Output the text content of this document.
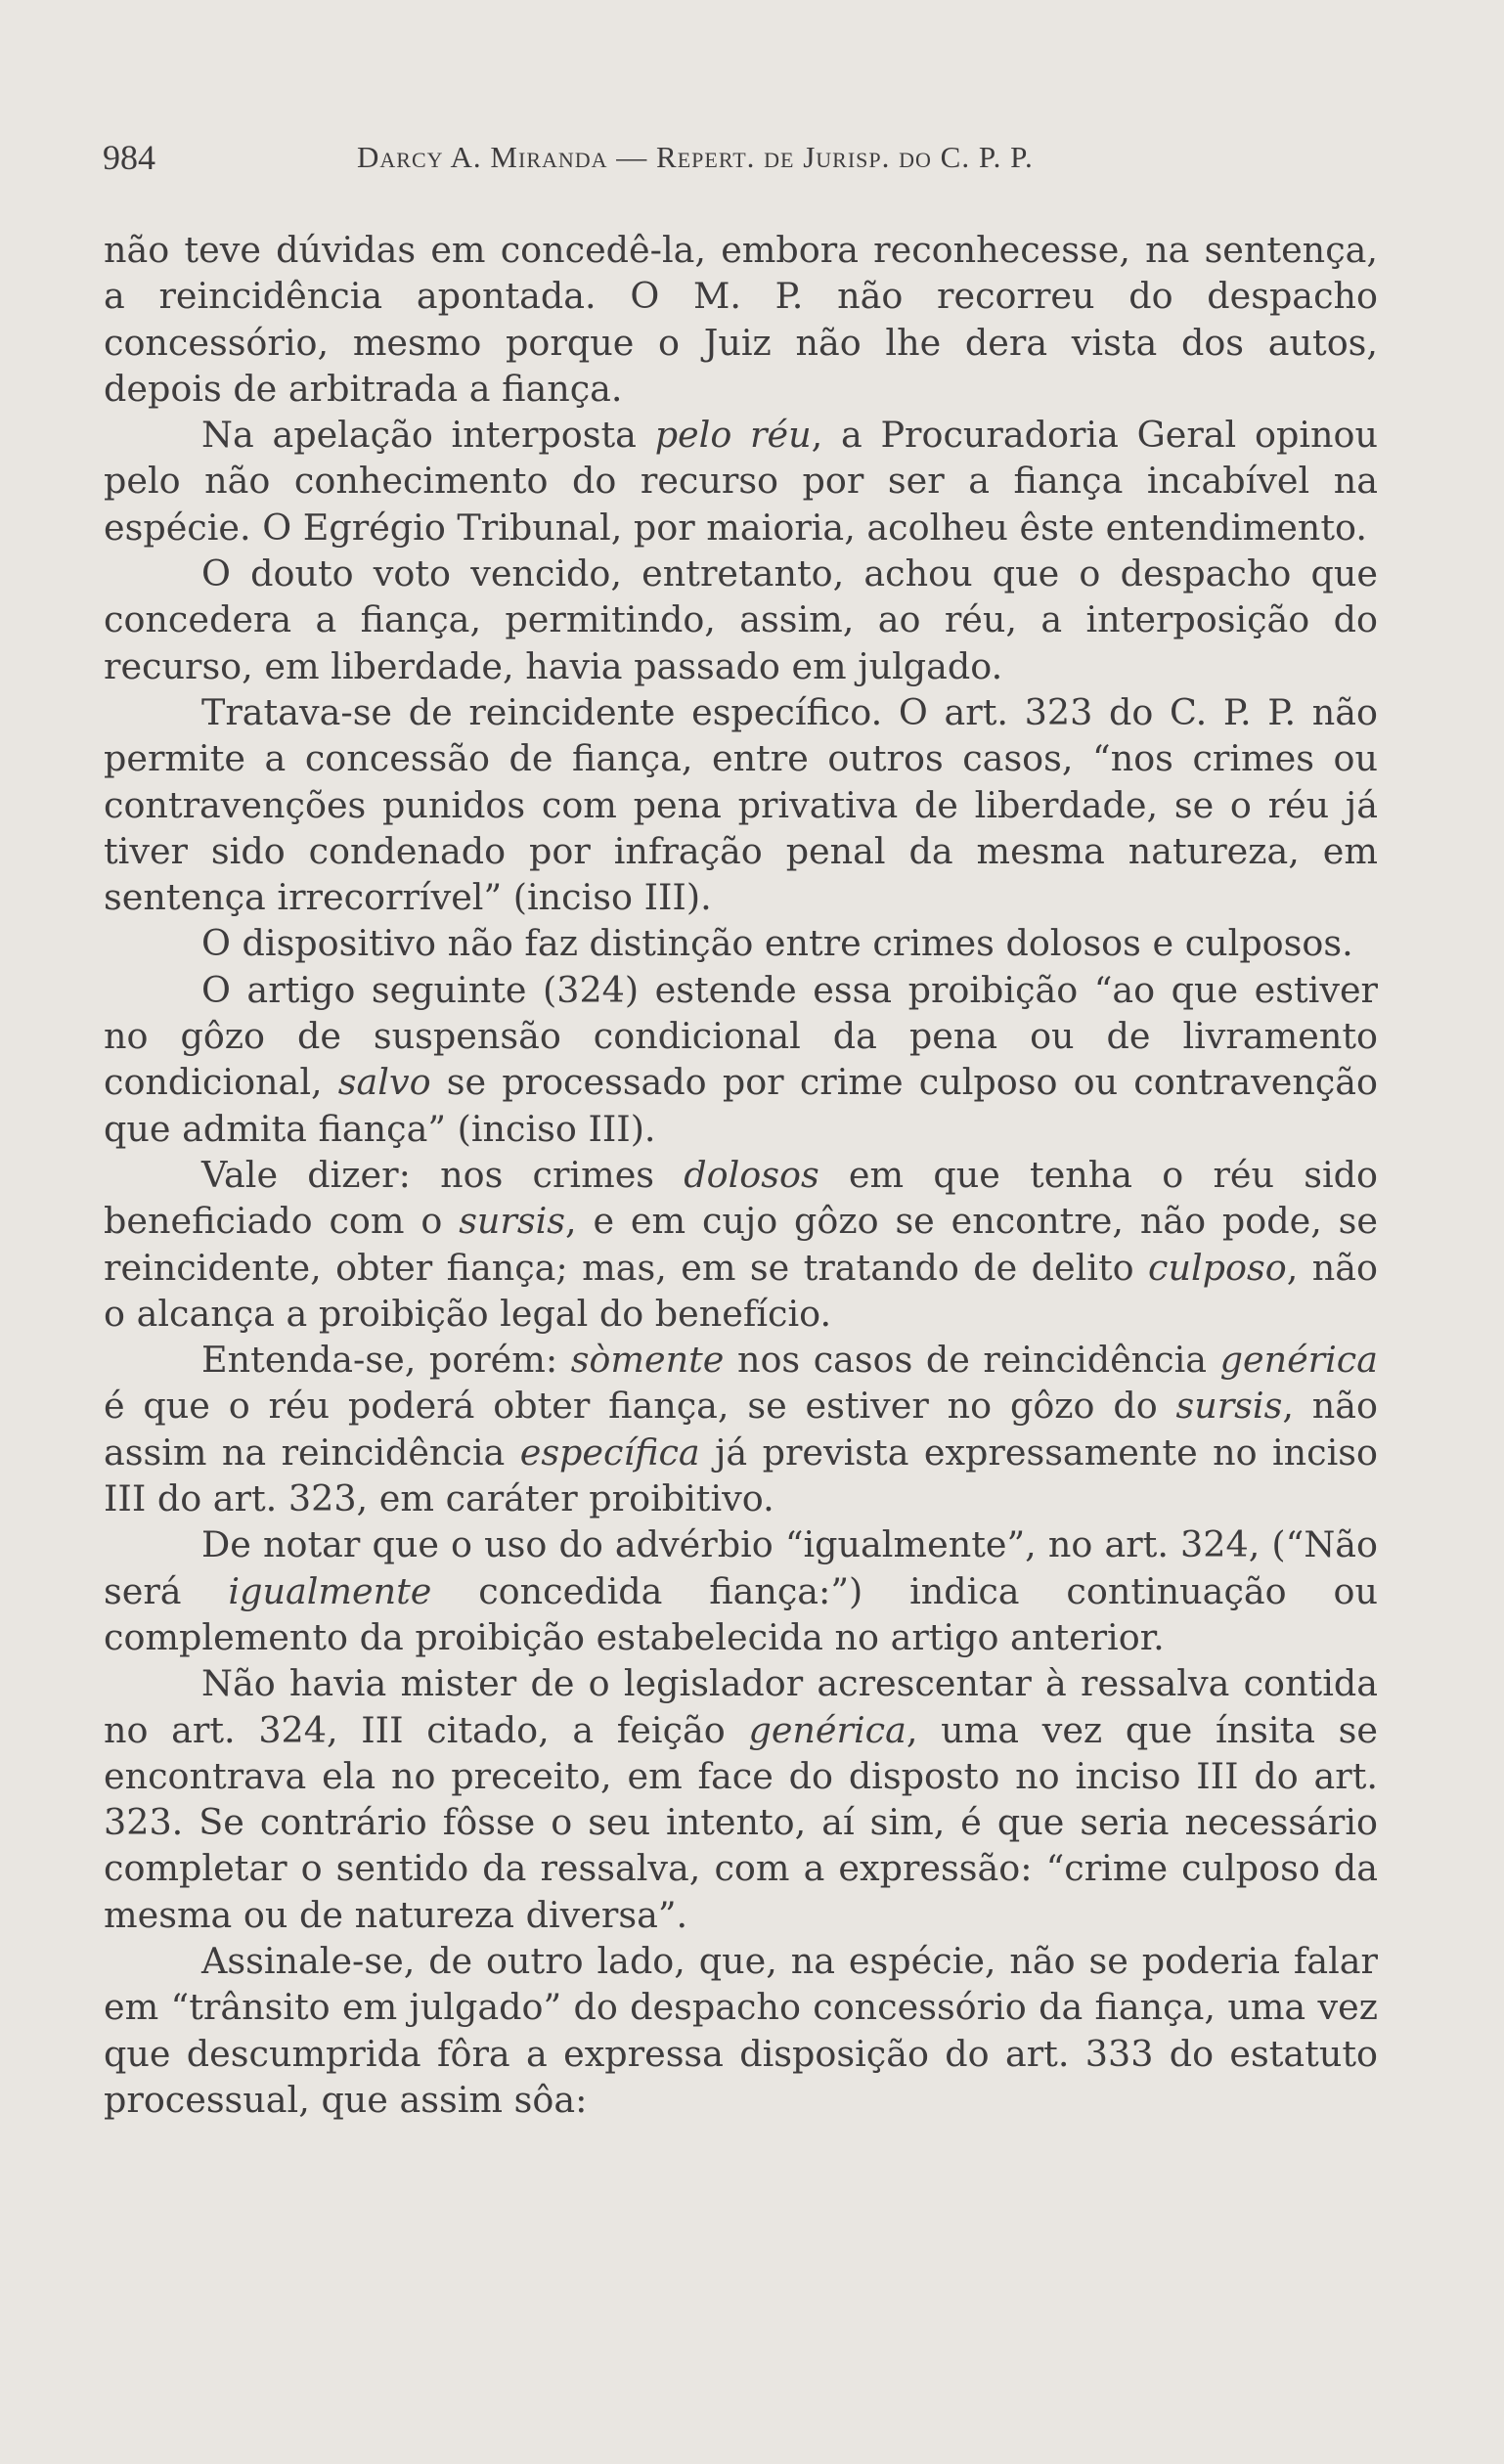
984	Darcy A. Miranda — Repert. de Jurisp. do C. P. P.

não teve dúvidas em concedê-la, embora reconhecesse, na sentença, a reincidência apontada. O M. P. não recorreu do despacho concessório, mesmo porque o Juiz não lhe dera vista dos autos, depois de arbitrada a fiança.

Na apelação interposta pelo réu, a Procuradoria Geral opinou pelo não conhecimento do recurso por ser a fiança incabível na espécie. O Egrégio Tribunal, por maioria, acolheu êste entendimento.

O douto voto vencido, entretanto, achou que o despacho que concedera a fiança, permitindo, assim, ao réu, a interposição do recurso, em liberdade, havia passado em julgado.

Tratava-se de reincidente específico. O art. 323 do C. P. P. não permite a concessão de fiança, entre outros casos, “nos crimes ou contravenções punidos com pena privativa de liberdade, se o réu já tiver sido condenado por infração penal da mesma natureza, em sentença irrecorrível” (inciso III).

O dispositivo não faz distinção entre crimes dolosos e culposos.

O artigo seguinte (324) estende essa proibição “ao que estiver no gôzo de suspensão condicional da pena ou de livramento condicional, salvo se processado por crime culposo ou contravenção que admita fiança” (inciso III).

Vale dizer: nos crimes dolosos em que tenha o réu sido beneficiado com o sursis, e em cujo gôzo se encontre, não pode, se reincidente, obter fiança; mas, em se tratando de delito culposo, não o alcança a proibição legal do benefício.

Entenda-se, porém: sòmente nos casos de reincidência genérica é que o réu poderá obter fiança, se estiver no gôzo do sursis, não assim na reincidência específica já prevista expressamente no inciso III do art. 323, em caráter proibitivo.

De notar que o uso do advérbio “igualmente”, no art. 324, (“Não será igualmente concedida fiança:”) indica continuação ou complemento da proibição estabelecida no artigo anterior.

Não havia mister de o legislador acrescentar à ressalva contida no art. 324, III citado, a feição genérica, uma vez que ínsita se encontrava ela no preceito, em face do disposto no inciso III do art. 323. Se contrário fôsse o seu intento, aí sim, é que seria necessário completar o sentido da ressalva, com a expressão: “crime culposo da mesma ou de natureza diversa”.

Assinale-se, de outro lado, que, na espécie, não se poderia falar em “trânsito em julgado” do despacho concessório da fiança, uma vez que descumprida fôra a expressa disposição do art. 333 do estatuto processual, que assim sôa:
